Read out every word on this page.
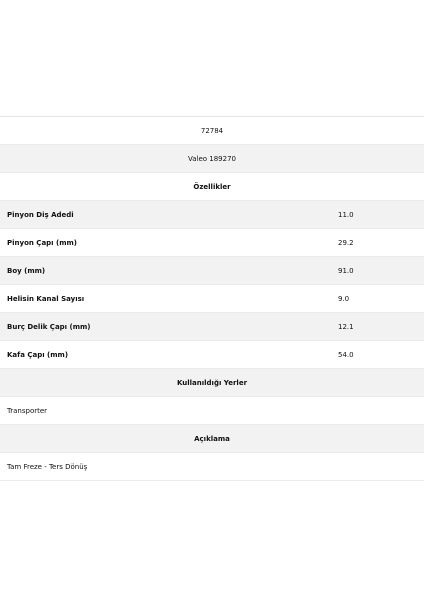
72784
Valeo 189270
Özellikler
Pinyon Diş Adedi	11.0
Pinyon Çapı (mm)	29.2
Boy (mm)	91.0
Helisin Kanal Sayısı	9.0
Burç Delik Çapı (mm)	12.1
Kafa Çapı (mm)	54.0
Kullanıldığı Yerler
Transporter
Açıklama
Tam Freze - Ters Dönüş
